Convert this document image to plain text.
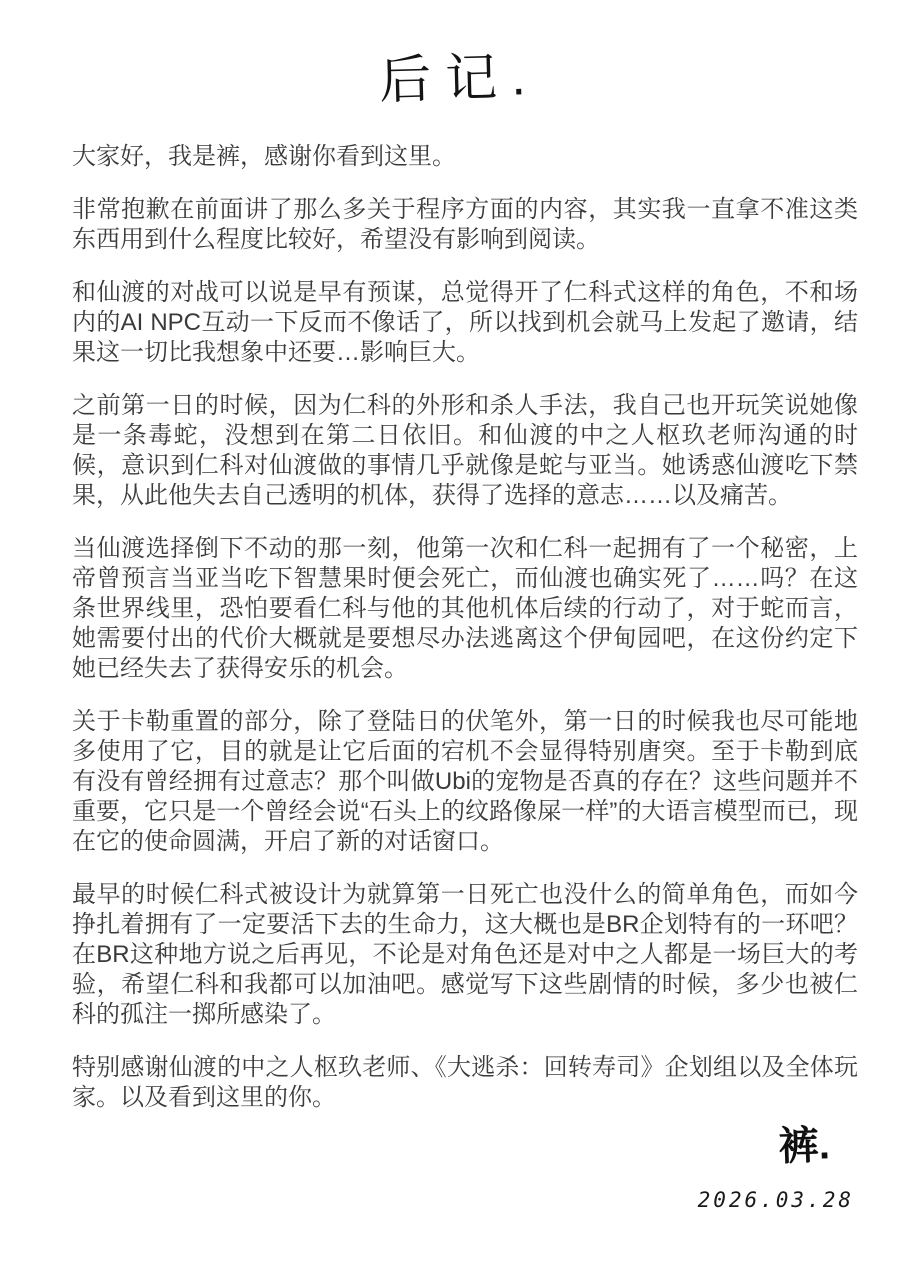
后记.

大家好，我是裤，感谢你看到这里。

非常抱歉在前面讲了那么多关于程序方面的内容，其实我一直拿不准这类东西用到什么程度比较好，希望没有影响到阅读。

和仙渡的对战可以说是早有预谋，总觉得开了仁科式这样的角色，不和场内的AI NPC互动一下反而不像话了，所以找到机会就马上发起了邀请，结果这一切比我想象中还要…影响巨大。

之前第一日的时候，因为仁科的外形和杀人手法，我自己也开玩笑说她像是一条毒蛇，没想到在第二日依旧。和仙渡的中之人枢玖老师沟通的时候，意识到仁科对仙渡做的事情几乎就像是蛇与亚当。她诱惑仙渡吃下禁果，从此他失去自己透明的机体，获得了选择的意志……以及痛苦。

当仙渡选择倒下不动的那一刻，他第一次和仁科一起拥有了一个秘密，上帝曾预言当亚当吃下智慧果时便会死亡，而仙渡也确实死了……吗？在这条世界线里，恐怕要看仁科与他的其他机体后续的行动了，对于蛇而言，她需要付出的代价大概就是要想尽办法逃离这个伊甸园吧，在这份约定下她已经失去了获得安乐的机会。

关于卡勒重置的部分，除了登陆日的伏笔外，第一日的时候我也尽可能地多使用了它，目的就是让它后面的宕机不会显得特别唐突。至于卡勒到底有没有曾经拥有过意志？那个叫做Ubi的宠物是否真的存在？这些问题并不重要，它只是一个曾经会说“石头上的纹路像屎一样”的大语言模型而已，现在它的使命圆满，开启了新的对话窗口。

最早的时候仁科式被设计为就算第一日死亡也没什么的简单角色，而如今挣扎着拥有了一定要活下去的生命力，这大概也是BR企划特有的一环吧？在BR这种地方说之后再见，不论是对角色还是对中之人都是一场巨大的考验，希望仁科和我都可以加油吧。感觉写下这些剧情的时候，多少也被仁科的孤注一掷所感染了。

特别感谢仙渡的中之人枢玖老师、《大逃杀：回转寿司》企划组以及全体玩家。以及看到这里的你。

裤.
2026.03.28
